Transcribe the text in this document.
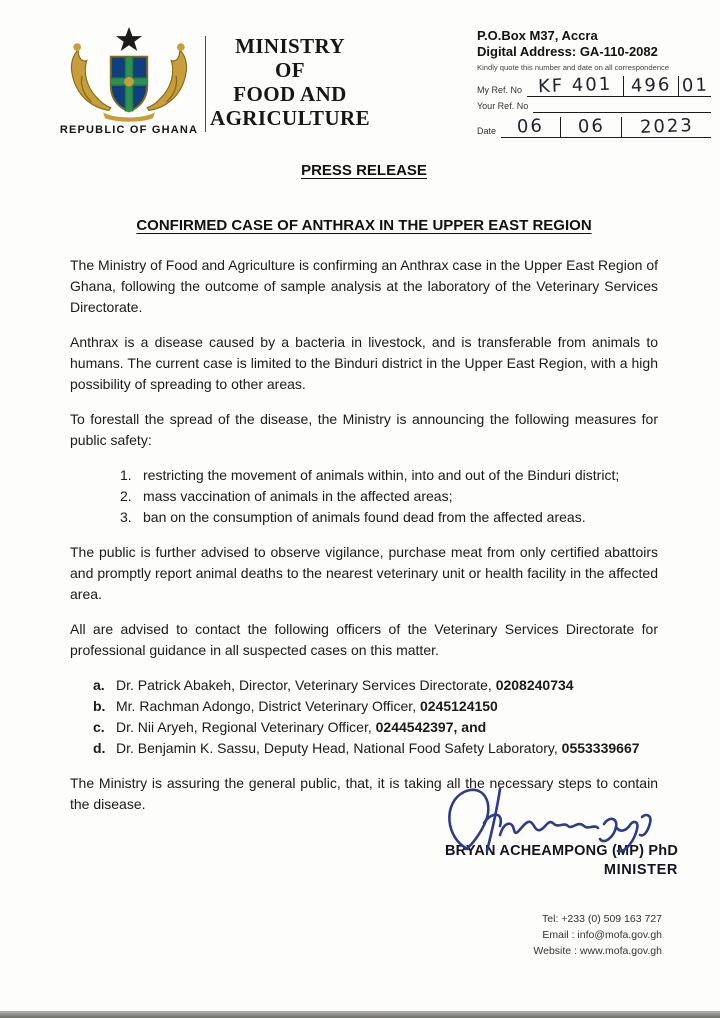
REPUBLIC OF GHANA
MINISTRY
OF
FOOD AND
AGRICULTURE
P.O.Box M37, Accra
Digital Address: GA-110-2082
Kindly quote this number and date on all correspondence
My Ref. No KF 401	496 01
Your Ref. No
Date	06	06	2023
PRESS RELEASE
CONFIRMED CASE OF ANTHRAX IN THE UPPER EAST REGION

The Ministry of Food and Agriculture is confirming an Anthrax case in the Upper East Region of Ghana, following the outcome of sample analysis at the laboratory of the Veterinary Services Directorate.

Anthrax is a disease caused by a bacteria in livestock, and is transferable from animals to humans. The current case is limited to the Binduri district in the Upper East Region, with a high possibility of spreading to other areas.

To forestall the spread of the disease, the Ministry is announcing the following measures for public safety:

1. restricting the movement of animals within, into and out of the Binduri district;
2. mass vaccination of animals in the affected areas;
3. ban on the consumption of animals found dead from the affected areas.

The public is further advised to observe vigilance, purchase meat from only certified abattoirs and promptly report animal deaths to the nearest veterinary unit or health facility in the affected area.

All are advised to contact the following officers of the Veterinary Services Directorate for professional guidance in all suspected cases on this matter.

a. Dr. Patrick Abakeh, Director, Veterinary Services Directorate, 0208240734
b. Mr. Rachman Adongo, District Veterinary Officer, 0245124150
c. Dr. Nii Aryeh, Regional Veterinary Officer, 0244542397, and
d. Dr. Benjamin K. Sassu, Deputy Head, National Food Safety Laboratory, 0553339667

The Ministry is assuring the general public, that, it is taking all the necessary steps to contain the disease.

BRYAN ACHEAMPONG (MP) PhD
MINISTER
Tel: +233 (0) 509 163 727
Email : info@mofa.gov.gh
Website : www.mofa.gov.gh
